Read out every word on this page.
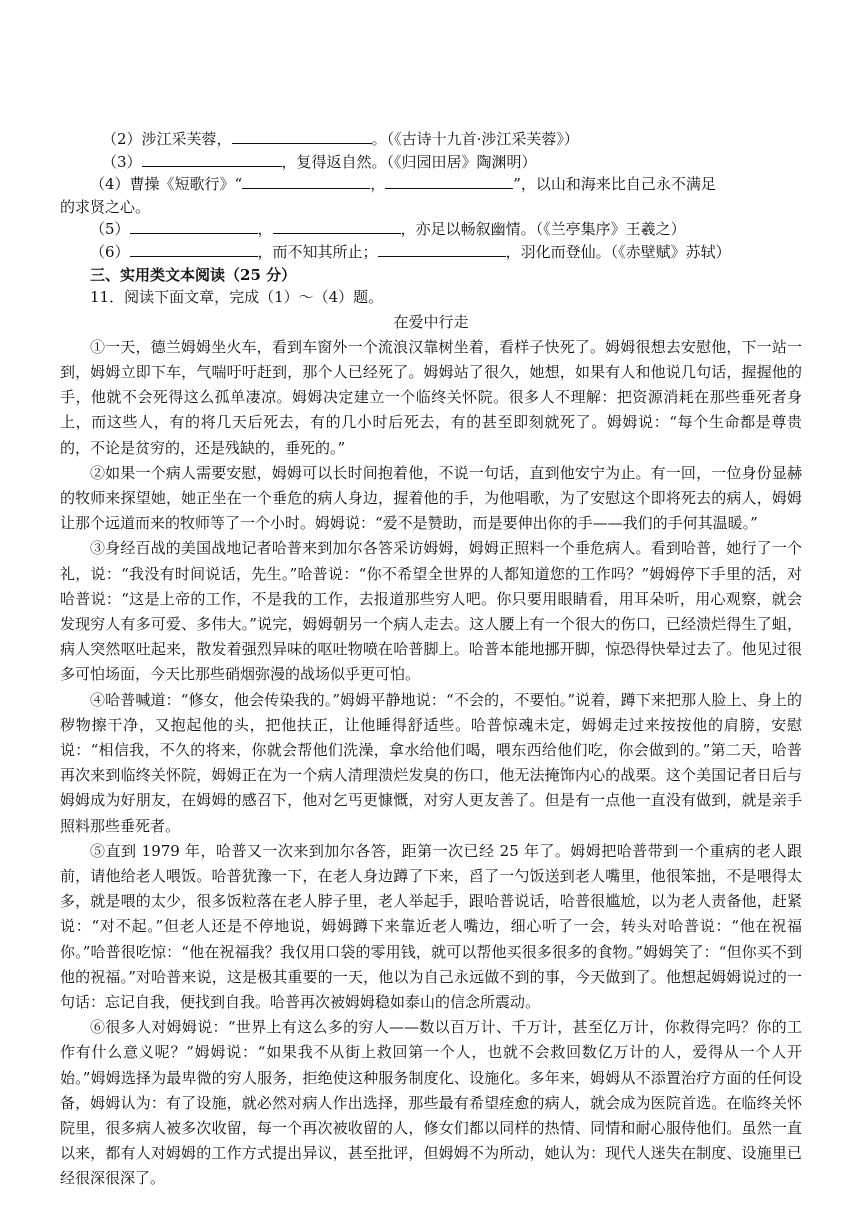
（2）涉江采芙蓉，	。（《古诗十九首·涉江采芙蓉》）
（3）	，复得返自然。（《归园田居》陶渊明）
（4）曹操《短歌行》“	，	”，以山和海来比自己永不满足
的求贤之心。
（5）	，	，亦足以畅叙幽情。（《兰亭集序》王羲之）
（6）	，而不知其所止；	，羽化而登仙。（《赤壁赋》苏轼）
三、实用类文本阅读（25 分）
11．阅读下面文章，完成（1）～（4）题。
在爱中行走
①一天，德兰姆姆坐火车，看到车窗外一个流浪汉靠树坐着，看样子快死了。姆姆很想去安慰他，下一站一到，姆姆立即下车，气喘吁吁赶到，那个人已经死了。姆姆站了很久，她想，如果有人和他说几句话，握握他的手，他就不会死得这么孤单凄凉。姆姆决定建立一个临终关怀院。很多人不理解：把资源消耗在那些垂死者身上，而这些人，有的将几天后死去，有的几小时后死去，有的甚至即刻就死了。姆姆说：“每个生命都是尊贵的，不论是贫穷的，还是残缺的，垂死的。”
②如果一个病人需要安慰，姆姆可以长时间抱着他，不说一句话，直到他安宁为止。有一回，一位身份显赫的牧师来探望她，她正坐在一个垂危的病人身边，握着他的手，为他唱歌，为了安慰这个即将死去的病人，姆姆让那个远道而来的牧师等了一个小时。姆姆说：“爱不是赞助，而是要伸出你的手——我们的手何其温暖。”
③身经百战的美国战地记者哈普来到加尔各答采访姆姆，姆姆正照料一个垂危病人。看到哈普，她行了一个礼，说：“我没有时间说话，先生。”哈普说：“你不希望全世界的人都知道您的工作吗？”姆姆停下手里的活，对哈普说：“这是上帝的工作，不是我的工作，去报道那些穷人吧。你只要用眼睛看，用耳朵听，用心观察，就会发现穷人有多可爱、多伟大。”说完，姆姆朝另一个病人走去。这人腰上有一个很大的伤口，已经溃烂得生了蛆，病人突然呕吐起来，散发着强烈异味的呕吐物喷在哈普脚上。哈普本能地挪开脚，惊恐得快晕过去了。他见过很多可怕场面，今天比那些硝烟弥漫的战场似乎更可怕。
④哈普喊道：“修女，他会传染我的。”姆姆平静地说：“不会的，不要怕。”说着，蹲下来把那人脸上、身上的秽物擦干净，又抱起他的头，把他扶正，让他睡得舒适些。哈普惊魂未定，姆姆走过来按按他的肩膀，安慰说：“相信我，不久的将来，你就会帮他们洗澡，拿水给他们喝，喂东西给他们吃，你会做到的。”第二天，哈普再次来到临终关怀院，姆姆正在为一个病人清理溃烂发臭的伤口，他无法掩饰内心的战栗。这个美国记者日后与姆姆成为好朋友，在姆姆的感召下，他对乞丐更慷慨，对穷人更友善了。但是有一点他一直没有做到，就是亲手照料那些垂死者。
⑤直到 1979 年，哈普又一次来到加尔各答，距第一次已经 25 年了。姆姆把哈普带到一个重病的老人跟前，请他给老人喂饭。哈普犹豫一下，在老人身边蹲了下来，舀了一勺饭送到老人嘴里，他很笨拙，不是喂得太多，就是喂的太少，很多饭粒落在老人脖子里，老人举起手，跟哈普说话，哈普很尴尬，以为老人责备他，赶紧说：“对不起。”但老人还是不停地说，姆姆蹲下来靠近老人嘴边，细心听了一会，转头对哈普说：“他在祝福你。”哈普很吃惊：“他在祝福我？我仅用口袋的零用钱，就可以帮他买很多很多的食物。”姆姆笑了：“但你买不到他的祝福。”对哈普来说，这是极其重要的一天，他以为自己永远做不到的事，今天做到了。他想起姆姆说过的一句话：忘记自我，便找到自我。哈普再次被姆姆稳如泰山的信念所震动。
⑥很多人对姆姆说：“世界上有这么多的穷人——数以百万计、千万计，甚至亿万计，你救得完吗？你的工作有什么意义呢？”姆姆说：“如果我不从街上救回第一个人，也就不会救回数亿万计的人，爱得从一个人开始。”姆姆选择为最卑微的穷人服务，拒绝使这种服务制度化、设施化。多年来，姆姆从不添置治疗方面的任何设备，姆姆认为：有了设施，就必然对病人作出选择，那些最有希望痊愈的病人，就会成为医院首选。在临终关怀院里，很多病人被多次收留，每一个再次被收留的人，修女们都以同样的热情、同情和耐心服侍他们。虽然一直以来，都有人对姆姆的工作方式提出异议，甚至批评，但姆姆不为所动，她认为：现代人迷失在制度、设施里已经很深很深了。
